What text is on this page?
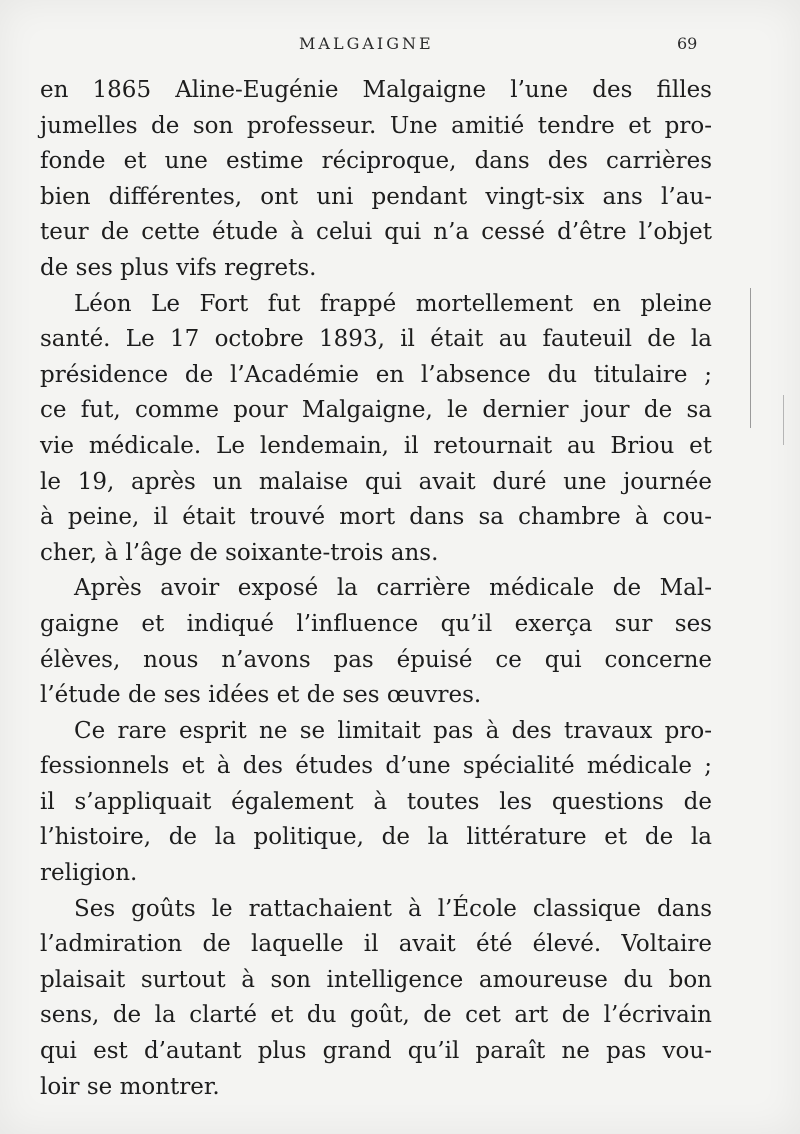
MALGAIGNE	69
en 1865 Aline-Eugénie Malgaigne l’une des filles
jumelles de son professeur. Une amitié tendre et pro-
fonde et une estime réciproque, dans des carrières
bien différentes, ont uni pendant vingt-six ans l’au-
teur de cette étude à celui qui n’a cessé d’être l’objet
de ses plus vifs regrets.
Léon Le Fort fut frappé mortellement en pleine
santé. Le 17 octobre 1893, il était au fauteuil de la
présidence de l’Académie en l’absence du titulaire ;
ce fut, comme pour Malgaigne, le dernier jour de sa
vie médicale. Le lendemain, il retournait au Briou et
le 19, après un malaise qui avait duré une journée
à peine, il était trouvé mort dans sa chambre à cou-
cher, à l’âge de soixante-trois ans.
Après avoir exposé la carrière médicale de Mal-
gaigne et indiqué l’influence qu’il exerça sur ses
élèves, nous n’avons pas épuisé ce qui concerne
l’étude de ses idées et de ses œuvres.
Ce rare esprit ne se limitait pas à des travaux pro-
fessionnels et à des études d’une spécialité médicale ;
il s’appliquait également à toutes les questions de
l’histoire, de la politique, de la littérature et de la
religion.
Ses goûts le rattachaient à l’École classique dans
l’admiration de laquelle il avait été élevé. Voltaire
plaisait surtout à son intelligence amoureuse du bon
sens, de la clarté et du goût, de cet art de l’écrivain
qui est d’autant plus grand qu’il paraît ne pas vou-
loir se montrer.
